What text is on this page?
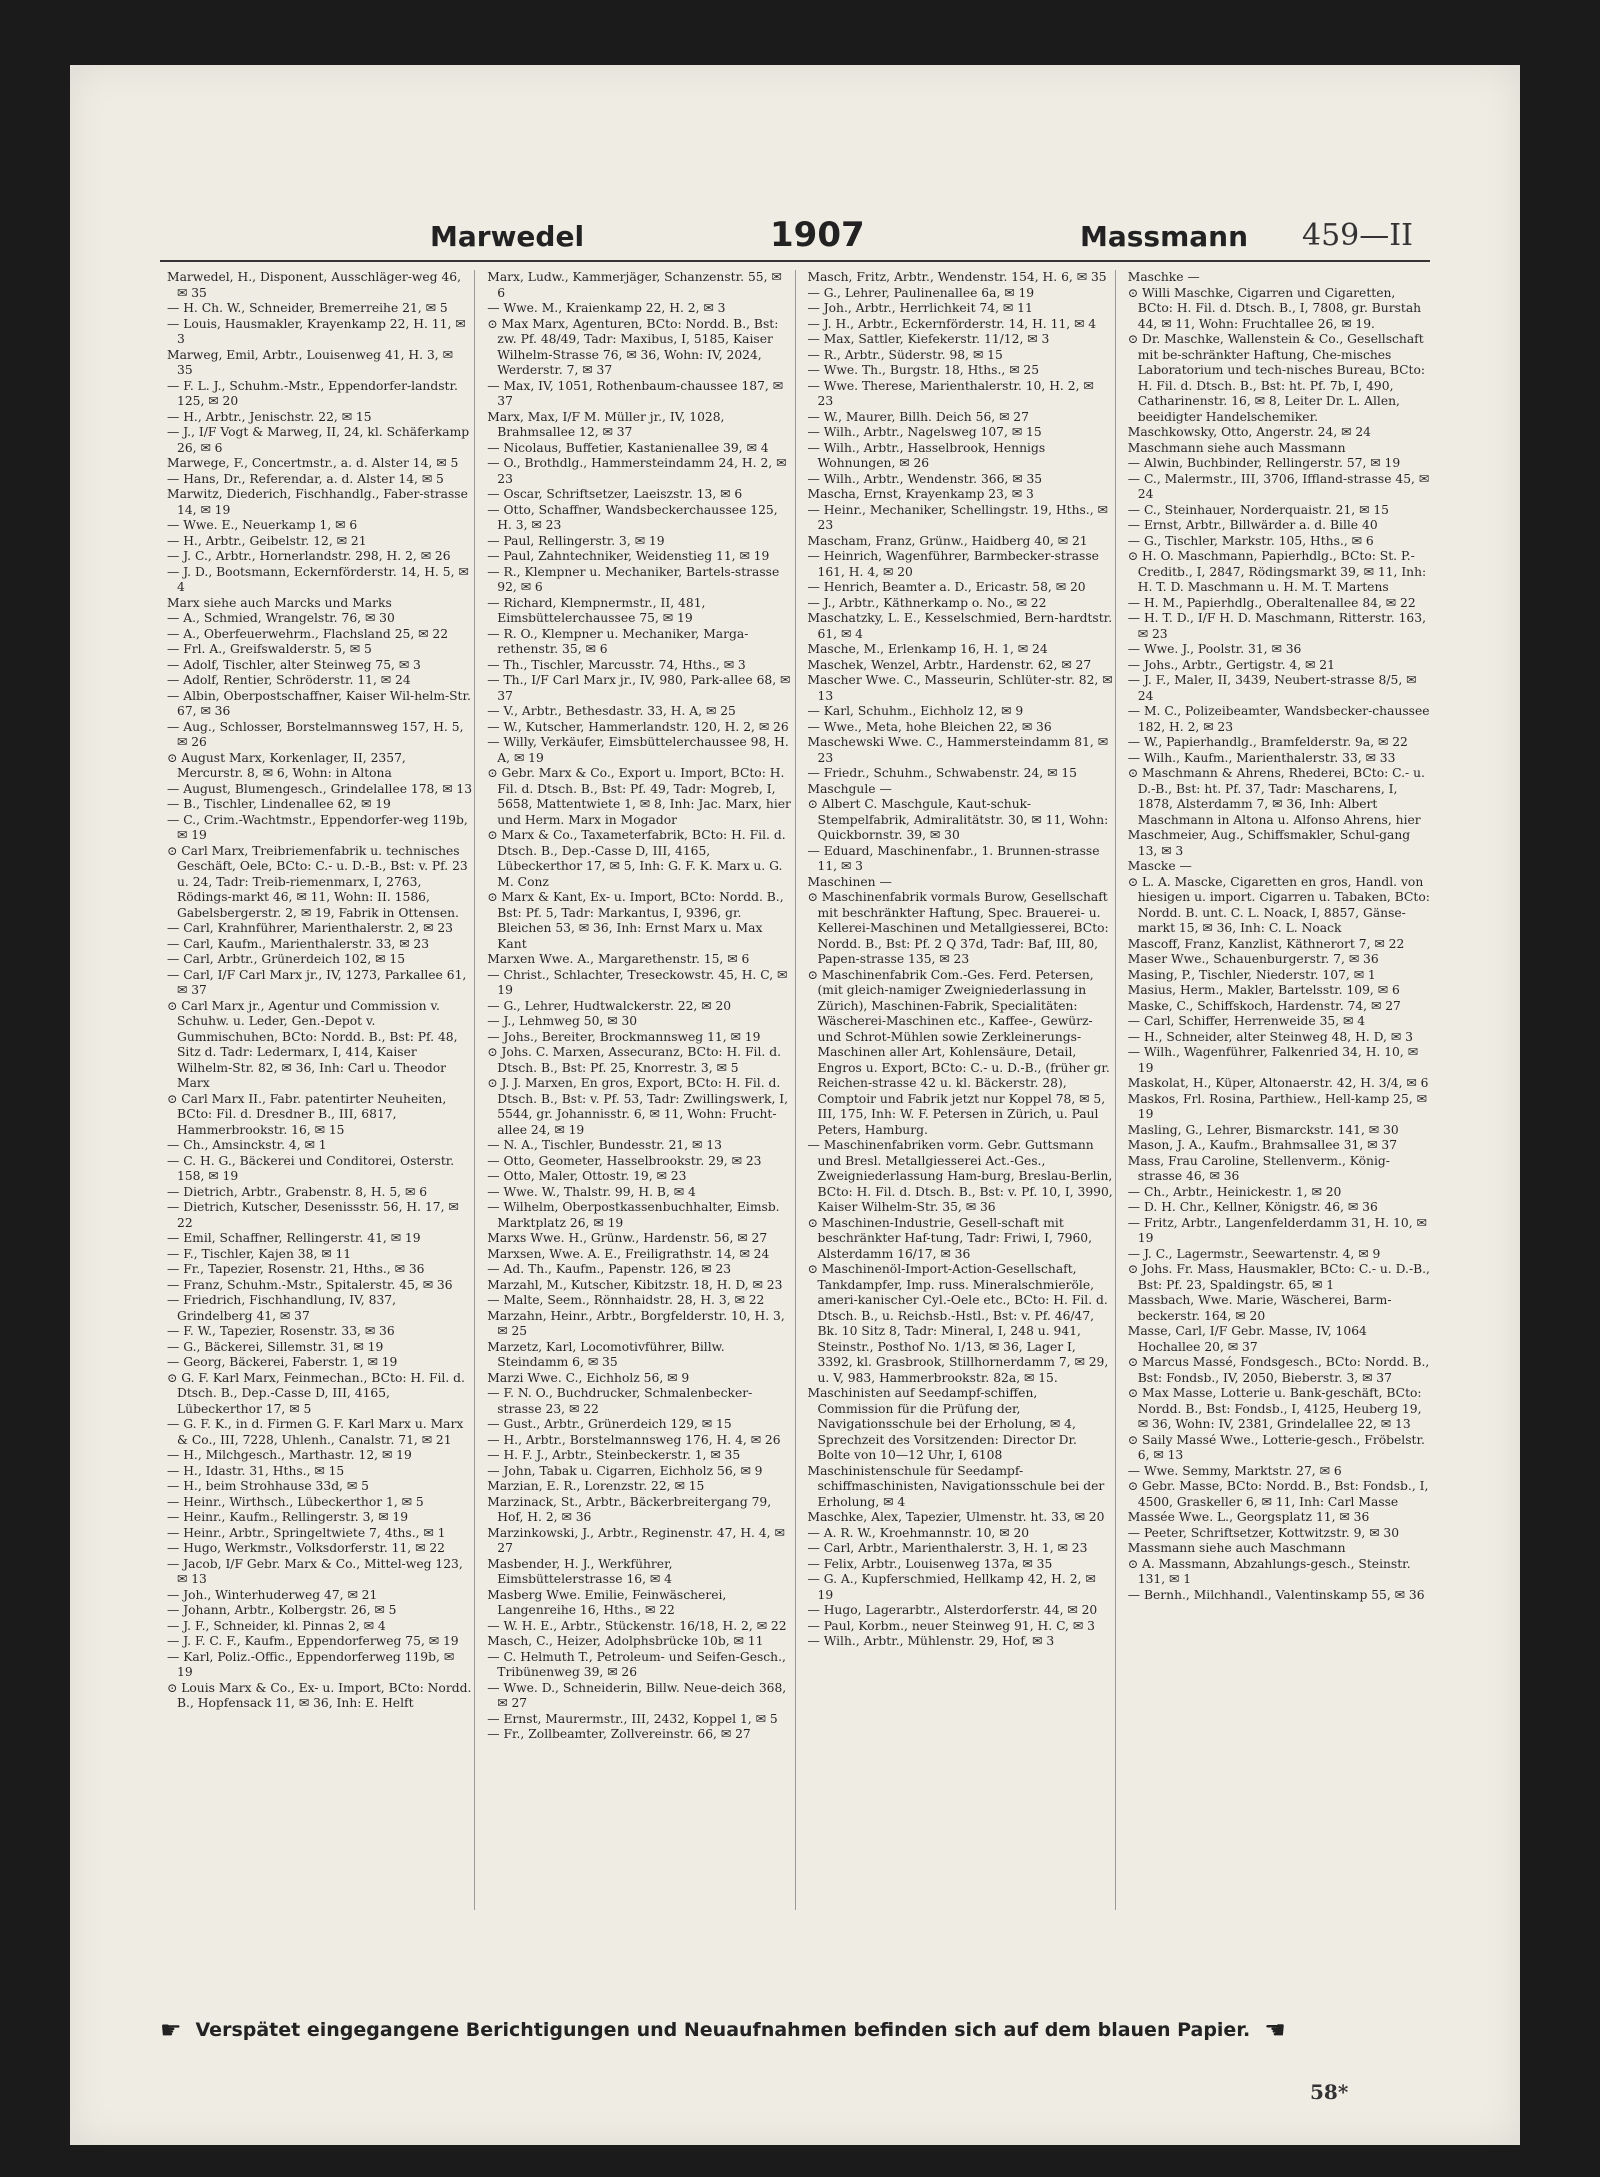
Marwedel	1907	Massmann 459—II

Marwedel, H., Disponent, Ausschläger-weg 46, ✉ 35

— H. Ch. W., Schneider, Bremerreihe 21, ✉ 5

— Louis, Hausmakler, Krayenkamp 22, H. 11, ✉ 3

Marweg, Emil, Arbtr., Louisenweg 41, H. 3, ✉ 35

— F. L. J., Schuhm.-Mstr., Eppendorfer-landstr. 125, ✉ 20

— H., Arbtr., Jenischstr. 22, ✉ 15

— J., I/F Vogt & Marweg, II, 24, kl. Schäferkamp 26, ✉ 6

Marwege, F., Concertmstr., a. d. Alster 14, ✉ 5

— Hans, Dr., Referendar, a. d. Alster 14, ✉ 5

Marwitz, Diederich, Fischhandlg., Faber-strasse 14, ✉ 19

— Wwe. E., Neuerkamp 1, ✉ 6

— H., Arbtr., Geibelstr. 12, ✉ 21

— J. C., Arbtr., Hornerlandstr. 298, H. 2, ✉ 26

— J. D., Bootsmann, Eckernförderstr. 14, H. 5, ✉ 4

Marx siehe auch Marcks und Marks

— A., Schmied, Wrangelstr. 76, ✉ 30

— A., Oberfeuerwehrm., Flachsland 25, ✉ 22

— Frl. A., Greifswalderstr. 5, ✉ 5

— Adolf, Tischler, alter Steinweg 75, ✉ 3

— Adolf, Rentier, Schröderstr. 11, ✉ 24

— Albin, Oberpostschaffner, Kaiser Wil-helm-Str. 67, ✉ 36

— Aug., Schlosser, Borstelmannsweg 157, H. 5, ✉ 26

⊙ August Marx, Korkenlager, II, 2357, Mercurstr. 8, ✉ 6, Wohn: in Altona

— August, Blumengesch., Grindelallee 178, ✉ 13

— B., Tischler, Lindenallee 62, ✉ 19

— C., Crim.-Wachtmstr., Eppendorfer-weg 119b, ✉ 19

⊙ Carl Marx, Treibriemenfabrik u. technisches Geschäft, Oele, BCto: C.- u. D.-B., Bst: v. Pf. 23 u. 24, Tadr: Treib-riemenmarx, I, 2763, Rödings-markt 46, ✉ 11, Wohn: II. 1586, Gabelsbergerstr. 2, ✉ 19, Fabrik in Ottensen.

— Carl, Krahnführer, Marienthalerstr. 2, ✉ 23

— Carl, Kaufm., Marienthalerstr. 33, ✉ 23

— Carl, Arbtr., Grünerdeich 102, ✉ 15

— Carl, I/F Carl Marx jr., IV, 1273, Parkallee 61, ✉ 37

⊙ Carl Marx jr., Agentur und Commission v. Schuhw. u. Leder, Gen.-Depot v. Gummischuhen, BCto: Nordd. B., Bst: Pf. 48, Sitz d. Tadr: Ledermarx, I, 414, Kaiser Wilhelm-Str. 82, ✉ 36, Inh: Carl u. Theodor Marx

⊙ Carl Marx II., Fabr. patentirter Neuheiten, BCto: Fil. d. Dresdner B., III, 6817, Hammerbrookstr. 16, ✉ 15

— Ch., Amsinckstr. 4, ✉ 1

— C. H. G., Bäckerei und Conditorei, Osterstr. 158, ✉ 19

— Dietrich, Arbtr., Grabenstr. 8, H. 5, ✉ 6

— Dietrich, Kutscher, Desenissstr. 56, H. 17, ✉ 22

— Emil, Schaffner, Rellingerstr. 41, ✉ 19

— F., Tischler, Kajen 38, ✉ 11

— Fr., Tapezier, Rosenstr. 21, Hths., ✉ 36

— Franz, Schuhm.-Mstr., Spitalerstr. 45, ✉ 36

— Friedrich, Fischhandlung, IV, 837, Grindelberg 41, ✉ 37

— F. W., Tapezier, Rosenstr. 33, ✉ 36

— G., Bäckerei, Sillemstr. 31, ✉ 19

— Georg, Bäckerei, Faberstr. 1, ✉ 19

⊙ G. F. Karl Marx, Feinmechan., BCto: H. Fil. d. Dtsch. B., Dep.-Casse D, III, 4165, Lübeckerthor 17, ✉ 5

— G. F. K., in d. Firmen G. F. Karl Marx u. Marx & Co., III, 7228, Uhlenh., Canalstr. 71, ✉ 21

— H., Milchgesch., Marthastr. 12, ✉ 19

— H., Idastr. 31, Hths., ✉ 15

— H., beim Strohhause 33d, ✉ 5

— Heinr., Wirthsch., Lübeckerthor 1, ✉ 5

— Heinr., Kaufm., Rellingerstr. 3, ✉ 19

— Heinr., Arbtr., Springeltwiete 7, 4ths., ✉ 1

— Hugo, Werkmstr., Volksdorferstr. 11, ✉ 22

— Jacob, I/F Gebr. Marx & Co., Mittel-weg 123, ✉ 13

— Joh., Winterhuderweg 47, ✉ 21

— Johann, Arbtr., Kolbergstr. 26, ✉ 5

— J. F., Schneider, kl. Pinnas 2, ✉ 4

— J. F. C. F., Kaufm., Eppendorferweg 75, ✉ 19

— Karl, Poliz.-Offic., Eppendorferweg 119b, ✉ 19

⊙ Louis Marx & Co., Ex- u. Import, BCto: Nordd. B., Hopfensack 11, ✉ 36, Inh: E. Helft

Marx, Ludw., Kammerjäger, Schanzenstr. 55, ✉ 6

— Wwe. M., Kraienkamp 22, H. 2, ✉ 3

⊙ Max Marx, Agenturen, BCto: Nordd. B., Bst: zw. Pf. 48/49, Tadr: Maxibus, I, 5185, Kaiser Wilhelm-Strasse 76, ✉ 36, Wohn: IV, 2024, Werderstr. 7, ✉ 37

— Max, IV, 1051, Rothenbaum-chaussee 187, ✉ 37

Marx, Max, I/F M. Müller jr., IV, 1028, Brahmsallee 12, ✉ 37

— Nicolaus, Buffetier, Kastanienallee 39, ✉ 4

— O., Brothdlg., Hammersteindamm 24, H. 2, ✉ 23

— Oscar, Schriftsetzer, Laeiszstr. 13, ✉ 6

— Otto, Schaffner, Wandsbeckerchaussee 125, H. 3, ✉ 23

— Paul, Rellingerstr. 3, ✉ 19

— Paul, Zahntechniker, Weidenstieg 11, ✉ 19

— R., Klempner u. Mechaniker, Bartels-strasse 92, ✉ 6

— Richard, Klempnermstr., II, 481, Eimsbüttelerchaussee 75, ✉ 19

— R. O., Klempner u. Mechaniker, Marga-rethenstr. 35, ✉ 6

— Th., Tischler, Marcusstr. 74, Hths., ✉ 3

— Th., I/F Carl Marx jr., IV, 980, Park-allee 68, ✉ 37

— V., Arbtr., Bethesdastr. 33, H. A, ✉ 25

— W., Kutscher, Hammerlandstr. 120, H. 2, ✉ 26

— Willy, Verkäufer, Eimsbüttelerchaussee 98, H. A, ✉ 19

⊙ Gebr. Marx & Co., Export u. Import, BCto: H. Fil. d. Dtsch. B., Bst: Pf. 49, Tadr: Mogreb, I, 5658, Mattentwiete 1, ✉ 8, Inh: Jac. Marx, hier und Herm. Marx in Mogador

⊙ Marx & Co., Taxameterfabrik, BCto: H. Fil. d. Dtsch. B., Dep.-Casse D, III, 4165, Lübeckerthor 17, ✉ 5, Inh: G. F. K. Marx u. G. M. Conz

⊙ Marx & Kant, Ex- u. Import, BCto: Nordd. B., Bst: Pf. 5, Tadr: Markantus, I, 9396, gr. Bleichen 53, ✉ 36, Inh: Ernst Marx u. Max Kant

Marxen Wwe. A., Margarethenstr. 15, ✉ 6

— Christ., Schlachter, Treseckowstr. 45, H. C, ✉ 19

— G., Lehrer, Hudtwalckerstr. 22, ✉ 20

— J., Lehmweg 50, ✉ 30

— Johs., Bereiter, Brockmannsweg 11, ✉ 19

⊙ Johs. C. Marxen, Assecuranz, BCto: H. Fil. d. Dtsch. B., Bst: Pf. 25, Knorrestr. 3, ✉ 5

⊙ J. J. Marxen, En gros, Export, BCto: H. Fil. d. Dtsch. B., Bst: v. Pf. 53, Tadr: Zwillingswerk, I, 5544, gr. Johannisstr. 6, ✉ 11, Wohn: Frucht-allee 24, ✉ 19

— N. A., Tischler, Bundesstr. 21, ✉ 13

— Otto, Geometer, Hasselbrookstr. 29, ✉ 23

— Otto, Maler, Ottostr. 19, ✉ 23

— Wwe. W., Thalstr. 99, H. B, ✉ 4

— Wilhelm, Oberpostkassenbuchhalter, Eimsb. Marktplatz 26, ✉ 19

Marxs Wwe. H., Grünw., Hardenstr. 56, ✉ 27

Marxsen, Wwe. A. E., Freiligrathstr. 14, ✉ 24

— Ad. Th., Kaufm., Papenstr. 126, ✉ 23

Marzahl, M., Kutscher, Kibitzstr. 18, H. D, ✉ 23

— Malte, Seem., Rönnhaidstr. 28, H. 3, ✉ 22

Marzahn, Heinr., Arbtr., Borgfelderstr. 10, H. 3, ✉ 25

Marzetz, Karl, Locomotivführer, Billw. Steindamm 6, ✉ 35

Marzi Wwe. C., Eichholz 56, ✉ 9

— F. N. O., Buchdrucker, Schmalenbecker-strasse 23, ✉ 22

— Gust., Arbtr., Grünerdeich 129, ✉ 15

— H., Arbtr., Borstelmannsweg 176, H. 4, ✉ 26

— H. F. J., Arbtr., Steinbeckerstr. 1, ✉ 35

— John, Tabak u. Cigarren, Eichholz 56, ✉ 9

Marzian, E. R., Lorenzstr. 22, ✉ 15

Marzinack, St., Arbtr., Bäckerbreitergang 79, Hof, H. 2, ✉ 36

Marzinkowski, J., Arbtr., Reginenstr. 47, H. 4, ✉ 27

Masbender, H. J., Werkführer, Eimsbüttelerstrasse 16, ✉ 4

Masberg Wwe. Emilie, Feinwäscherei, Langenreihe 16, Hths., ✉ 22

— W. H. E., Arbtr., Stückenstr. 16/18, H. 2, ✉ 22

Masch, C., Heizer, Adolphsbrücke 10b, ✉ 11

— C. Helmuth T., Petroleum- und Seifen-Gesch., Tribünenweg 39, ✉ 26

— Wwe. D., Schneiderin, Billw. Neue-deich 368, ✉ 27

— Ernst, Maurermstr., III, 2432, Koppel 1, ✉ 5

— Fr., Zollbeamter, Zollvereinstr. 66, ✉ 27

Masch, Fritz, Arbtr., Wendenstr. 154, H. 6, ✉ 35

— G., Lehrer, Paulinenallee 6a, ✉ 19

— Joh., Arbtr., Herrlichkeit 74, ✉ 11

— J. H., Arbtr., Eckernförderstr. 14, H. 11, ✉ 4

— Max, Sattler, Kiefekerstr. 11/12, ✉ 3

— R., Arbtr., Süderstr. 98, ✉ 15

— Wwe. Th., Burgstr. 18, Hths., ✉ 25

— Wwe. Therese, Marienthalerstr. 10, H. 2, ✉ 23

— W., Maurer, Billh. Deich 56, ✉ 27

— Wilh., Arbtr., Nagelsweg 107, ✉ 15

— Wilh., Arbtr., Hasselbrook, Hennigs Wohnungen, ✉ 26

— Wilh., Arbtr., Wendenstr. 366, ✉ 35

Mascha, Ernst, Krayenkamp 23, ✉ 3

— Heinr., Mechaniker, Schellingstr. 19, Hths., ✉ 23

Mascham, Franz, Grünw., Haidberg 40, ✉ 21

— Heinrich, Wagenführer, Barmbecker-strasse 161, H. 4, ✉ 20

— Henrich, Beamter a. D., Ericastr. 58, ✉ 20

— J., Arbtr., Käthnerkamp o. No., ✉ 22

Maschatzky, L. E., Kesselschmied, Bern-hardtstr. 61, ✉ 4

Masche, M., Erlenkamp 16, H. 1, ✉ 24

Maschek, Wenzel, Arbtr., Hardenstr. 62, ✉ 27

Mascher Wwe. C., Masseurin, Schlüter-str. 82, ✉ 13

— Karl, Schuhm., Eichholz 12, ✉ 9

— Wwe., Meta, hohe Bleichen 22, ✉ 36

Maschewski Wwe. C., Hammersteindamm 81, ✉ 23

— Friedr., Schuhm., Schwabenstr. 24, ✉ 15

Maschgule —

⊙ Albert C. Maschgule, Kaut-schuk-Stempelfabrik, Admiralitätstr. 30, ✉ 11, Wohn: Quickbornstr. 39, ✉ 30

— Eduard, Maschinenfabr., 1. Brunnen-strasse 11, ✉ 3

Maschinen —

⊙ Maschinenfabrik vormals Burow, Gesellschaft mit beschränkter Haftung, Spec. Brauerei- u. Kellerei-Maschinen und Metallgiesserei, BCto: Nordd. B., Bst: Pf. 2 Q 37d, Tadr: Baf, III, 80, Papen-strasse 135, ✉ 23

⊙ Maschinenfabrik Com.-Ges. Ferd. Petersen, (mit gleich-namiger Zweigniederlassung in Zürich), Maschinen-Fabrik, Specialitäten: Wäscherei-Maschinen etc., Kaffee-, Gewürz- und Schrot-Mühlen sowie Zerkleinerungs-Maschinen aller Art, Kohlensäure, Detail, Engros u. Export, BCto: C.- u. D.-B., (früher gr. Reichen-strasse 42 u. kl. Bäckerstr. 28), Comptoir und Fabrik jetzt nur Koppel 78, ✉ 5, III, 175, Inh: W. F. Petersen in Zürich, u. Paul Peters, Hamburg.

— Maschinenfabriken vorm. Gebr. Guttsmann und Bresl. Metallgiesserei Act.-Ges., Zweigniederlassung Ham-burg, Breslau-Berlin, BCto: H. Fil. d. Dtsch. B., Bst: v. Pf. 10, I, 3990, Kaiser Wilhelm-Str. 35, ✉ 36

⊙ Maschinen-Industrie, Gesell-schaft mit beschränkter Haf-tung, Tadr: Friwi, I, 7960, Alsterdamm 16/17, ✉ 36

⊙ Maschinenöl-Import-Action-Gesellschaft, Tankdampfer, Imp. russ. Mineralschmieröle, ameri-kanischer Cyl.-Oele etc., BCto: H. Fil. d. Dtsch. B., u. Reichsb.-Hstl., Bst: v. Pf. 46/47, Bk. 10 Sitz 8, Tadr: Mineral, I, 248 u. 941, Steinstr., Posthof No. 1/13, ✉ 36, Lager I, 3392, kl. Grasbrook, Stillhornerdamm 7, ✉ 29, u. V, 983, Hammerbrookstr. 82a, ✉ 15.

Maschinisten auf Seedampf-schiffen, Commission für die Prüfung der, Navigationsschule bei der Erholung, ✉ 4, Sprechzeit des Vorsitzenden: Director Dr. Bolte von 10—12 Uhr, I, 6108

Maschinistenschule für Seedampf-schiffmaschinisten, Navigationsschule bei der Erholung, ✉ 4

Maschke, Alex, Tapezier, Ulmenstr. ht. 33, ✉ 20

— A. R. W., Kroehmannstr. 10, ✉ 20

— Carl, Arbtr., Marienthalerstr. 3, H. 1, ✉ 23

— Felix, Arbtr., Louisenweg 137a, ✉ 35

— G. A., Kupferschmied, Hellkamp 42, H. 2, ✉ 19

— Hugo, Lagerarbtr., Alsterdorferstr. 44, ✉ 20

— Paul, Korbm., neuer Steinweg 91, H. C, ✉ 3

— Wilh., Arbtr., Mühlenstr. 29, Hof, ✉ 3

Maschke —

⊙ Willi Maschke, Cigarren und Cigaretten, BCto: H. Fil. d. Dtsch. B., I, 7808, gr. Burstah 44, ✉ 11, Wohn: Fruchtallee 26, ✉ 19.

⊙ Dr. Maschke, Wallenstein & Co., Gesellschaft mit be-schränkter Haftung, Che-misches Laboratorium und tech-nisches Bureau, BCto: H. Fil. d. Dtsch. B., Bst: ht. Pf. 7b, I, 490, Catharinenstr. 16, ✉ 8, Leiter Dr. L. Allen, beeidigter Handelschemiker.

Maschkowsky, Otto, Angerstr. 24, ✉ 24

Maschmann siehe auch Massmann

— Alwin, Buchbinder, Rellingerstr. 57, ✉ 19

— C., Malermstr., III, 3706, Iffland-strasse 45, ✉ 24

— C., Steinhauer, Norderquaistr. 21, ✉ 15

— Ernst, Arbtr., Billwärder a. d. Bille 40

— G., Tischler, Markstr. 105, Hths., ✉ 6

⊙ H. O. Maschmann, Papierhdlg., BCto: St. P.-Creditb., I, 2847, Rödingsmarkt 39, ✉ 11, Inh: H. T. D. Maschmann u. H. M. T. Martens

— H. M., Papierhdlg., Oberaltenallee 84, ✉ 22

— H. T. D., I/F H. D. Maschmann, Ritterstr. 163, ✉ 23

— Wwe. J., Poolstr. 31, ✉ 36

— Johs., Arbtr., Gertigstr. 4, ✉ 21

— J. F., Maler, II, 3439, Neubert-strasse 8/5, ✉ 24

— M. C., Polizeibeamter, Wandsbecker-chaussee 182, H. 2, ✉ 23

— W., Papierhandlg., Bramfelderstr. 9a, ✉ 22

— Wilh., Kaufm., Marienthalerstr. 33, ✉ 33

⊙ Maschmann & Ahrens, Rhederei, BCto: C.- u. D.-B., Bst: ht. Pf. 37, Tadr: Mascharens, I, 1878, Alsterdamm 7, ✉ 36, Inh: Albert Maschmann in Altona u. Alfonso Ahrens, hier

Maschmeier, Aug., Schiffsmakler, Schul-gang 13, ✉ 3

Mascke —

⊙ L. A. Mascke, Cigaretten en gros, Handl. von hiesigen u. import. Cigarren u. Tabaken, BCto: Nordd. B. unt. C. L. Noack, I, 8857, Gänse-markt 15, ✉ 36, Inh: C. L. Noack

Mascoff, Franz, Kanzlist, Käthnerort 7, ✉ 22

Maser Wwe., Schauenburgerstr. 7, ✉ 36

Masing, P., Tischler, Niederstr. 107, ✉ 1

Masius, Herm., Makler, Bartelsstr. 109, ✉ 6

Maske, C., Schiffskoch, Hardenstr. 74, ✉ 27

— Carl, Schiffer, Herrenweide 35, ✉ 4

— H., Schneider, alter Steinweg 48, H. D, ✉ 3

— Wilh., Wagenführer, Falkenried 34, H. 10, ✉ 19

Maskolat, H., Küper, Altonaerstr. 42, H. 3/4, ✉ 6

Maskos, Frl. Rosina, Parthiew., Hell-kamp 25, ✉ 19

Masling, G., Lehrer, Bismarckstr. 141, ✉ 30

Mason, J. A., Kaufm., Brahmsallee 31, ✉ 37

Mass, Frau Caroline, Stellenverm., König-strasse 46, ✉ 36

— Ch., Arbtr., Heinickestr. 1, ✉ 20

— D. H. Chr., Kellner, Königstr. 46, ✉ 36

— Fritz, Arbtr., Langenfelderdamm 31, H. 10, ✉ 19

— J. C., Lagermstr., Seewartenstr. 4, ✉ 9

⊙ Johs. Fr. Mass, Hausmakler, BCto: C.- u. D.-B., Bst: Pf. 23, Spaldingstr. 65, ✉ 1

Massbach, Wwe. Marie, Wäscherei, Barm-beckerstr. 164, ✉ 20

Masse, Carl, I/F Gebr. Masse, IV, 1064 Hochallee 20, ✉ 37

⊙ Marcus Massé, Fondsgesch., BCto: Nordd. B., Bst: Fondsb., IV, 2050, Bieberstr. 3, ✉ 37

⊙ Max Masse, Lotterie u. Bank-geschäft, BCto: Nordd. B., Bst: Fondsb., I, 4125, Heuberg 19, ✉ 36, Wohn: IV, 2381, Grindelallee 22, ✉ 13

⊙ Saily Massé Wwe., Lotterie-gesch., Fröbelstr. 6, ✉ 13

— Wwe. Semmy, Marktstr. 27, ✉ 6

⊙ Gebr. Masse, BCto: Nordd. B., Bst: Fondsb., I, 4500, Graskeller 6, ✉ 11, Inh: Carl Masse

Massée Wwe. L., Georgsplatz 11, ✉ 36

— Peeter, Schriftsetzer, Kottwitzstr. 9, ✉ 30

Massmann siehe auch Maschmann

⊙ A. Massmann, Abzahlungs-gesch., Steinstr. 131, ✉ 1

— Bernh., Milchhandl., Valentinskamp 55, ✉ 36

☛ Verspätet eingegangene Berichtigungen und Neuaufnahmen befinden sich auf dem blauen Papier. ☚
58*
